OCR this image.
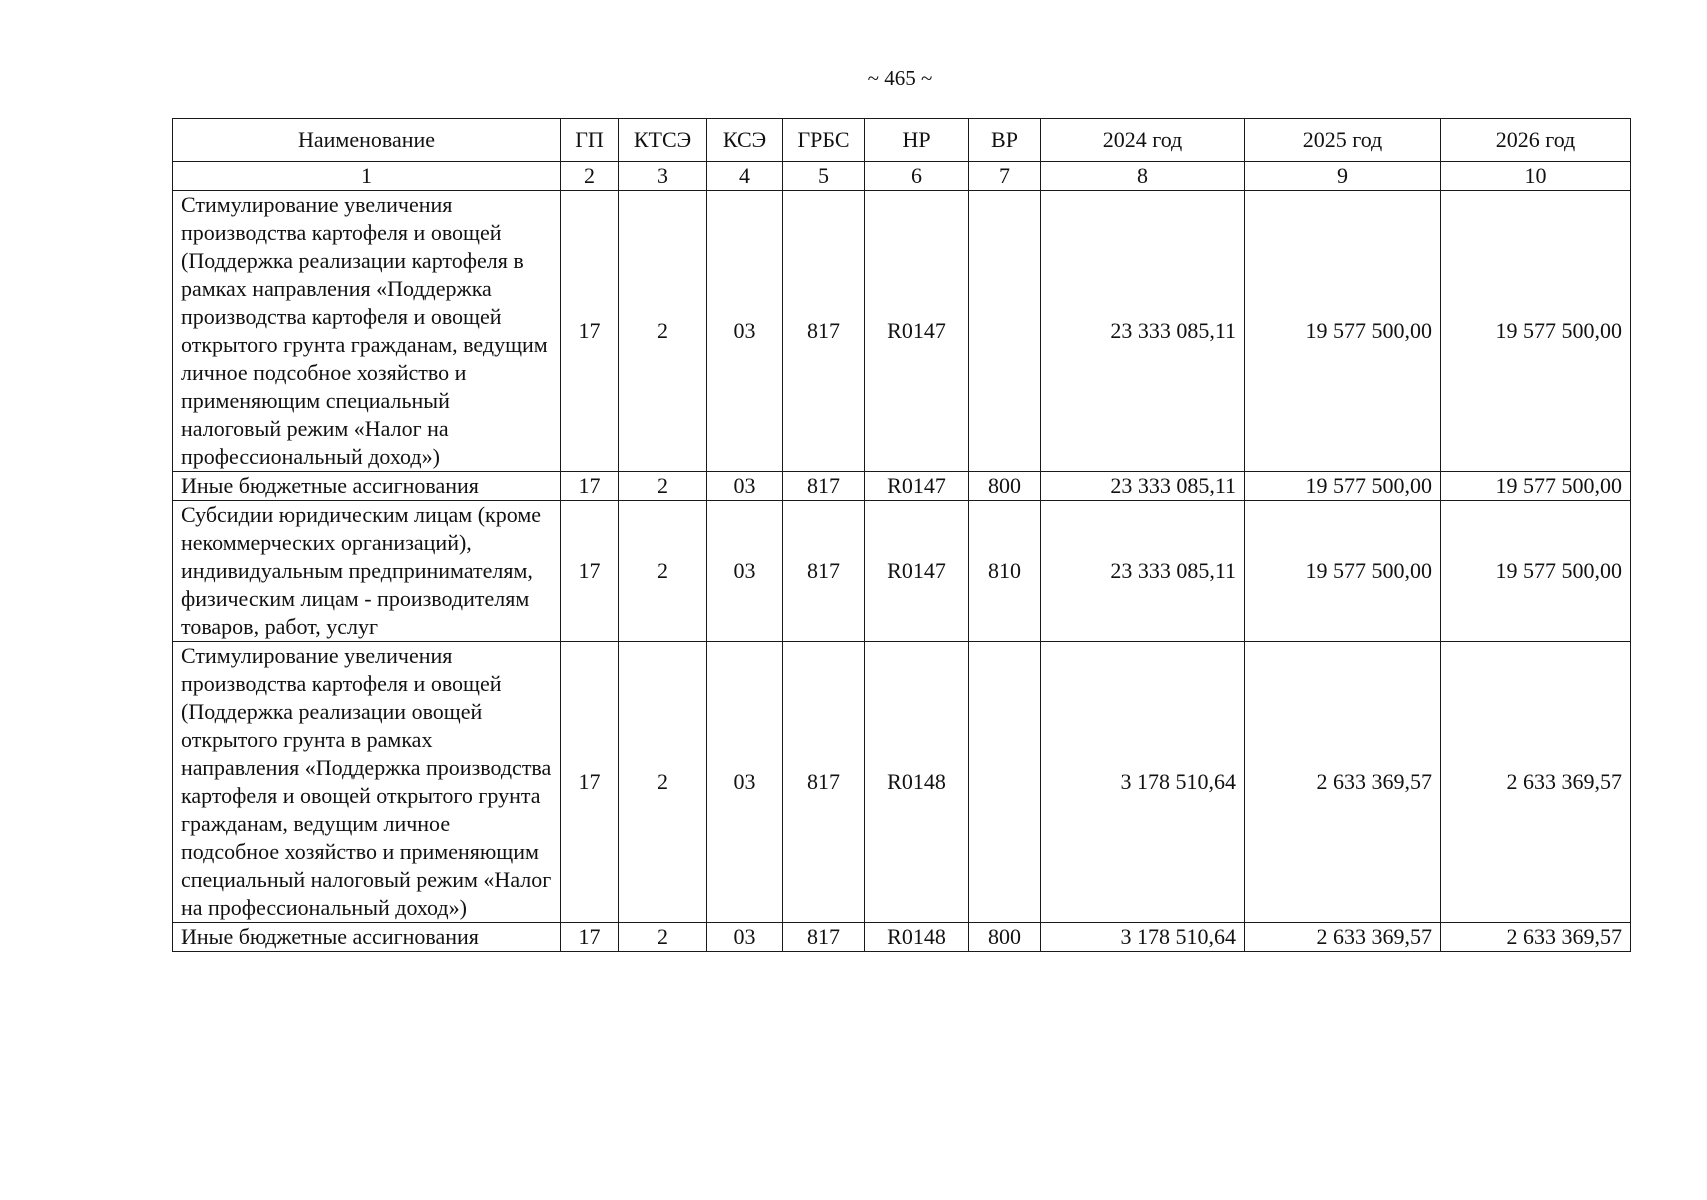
~ 465 ~
Наименование	ГП	КТСЭ	КСЭ	ГРБС	НР	ВР	2024 год	2025 год	2026 год
1	2	3	4	5	6	7	8	9	10
Стимулирование увеличения производства картофеля и овощей (Поддержка реализации картофеля в рамках направления «Поддержка производства картофеля и овощей открытого грунта гражданам, ведущим личное подсобное хозяйство и применяющим специальный налоговый режим «Налог на профессиональный доход»)	17	2	03	817	R0147		23 333 085,11	19 577 500,00	19 577 500,00
Иные бюджетные ассигнования	17	2	03	817	R0147	800	23 333 085,11	19 577 500,00	19 577 500,00
Субсидии юридическим лицам (кроме некоммерческих организаций), индивидуальным предпринимателям, физическим лицам - производителям товаров, работ, услуг	17	2	03	817	R0147	810	23 333 085,11	19 577 500,00	19 577 500,00
Стимулирование увеличения производства картофеля и овощей (Поддержка реализации овощей открытого грунта в рамках направления «Поддержка производства картофеля и овощей открытого грунта гражданам, ведущим личное подсобное хозяйство и применяющим специальный налоговый режим «Налог на профессиональный доход»)	17	2	03	817	R0148		3 178 510,64	2 633 369,57	2 633 369,57
Иные бюджетные ассигнования	17	2	03	817	R0148	800	3 178 510,64	2 633 369,57	2 633 369,57
